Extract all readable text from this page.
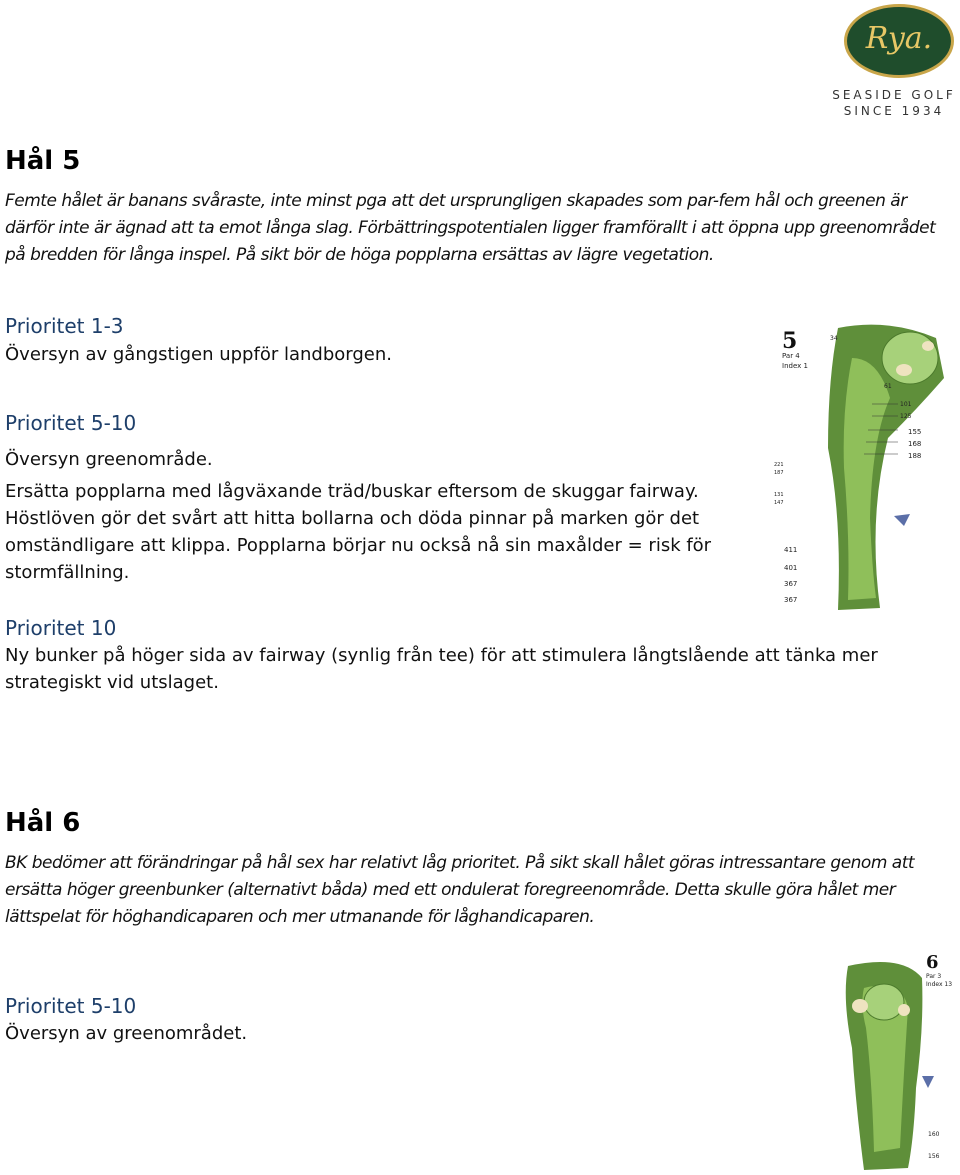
Rya.
SEASIDE GOLF
SINCE 1934
Hål 5
Femte hålet är banans svåraste, inte minst pga att det ursprungligen skapades som par-fem hål och greenen är därför inte är ägnad att ta emot långa slag. Förbättringspotentialen ligger framförallt i att öppna upp greenområdet på bredden för långa inspel. På sikt bör de höga popplarna ersättas av lägre vegetation.
Prioritet 1-3
Översyn av gångstigen uppför landborgen.
Prioritet 5-10
Översyn greenområde.
Ersätta popplarna med lågväxande träd/buskar eftersom de skuggar fairway. Höstlöven gör det svårt att hitta bollarna och döda pinnar på marken gör det omständligare att klippa. Popplarna börjar nu också nå sin maxålder = risk för stormfällning.
Prioritet 10
Ny bunker på höger sida av fairway (synlig från tee) för att stimulera långtslående att tänka mer strategiskt vid utslaget.
5
Par 4
Index 1
34
61
101
125
155
168
188
221
187
131
147
411
401
367
367
Hål 6
BK bedömer att förändringar på hål sex har relativt låg prioritet. På sikt skall hålet göras intressantare genom att ersätta höger greenbunker (alternativt båda) med ett ondulerat foregreenområde. Detta skulle göra hålet mer lättspelat för höghandicaparen och mer utmanande för låghandicaparen.
Prioritet 5-10
Översyn av greenområdet.
6
Par 3
Index 13
160
156
